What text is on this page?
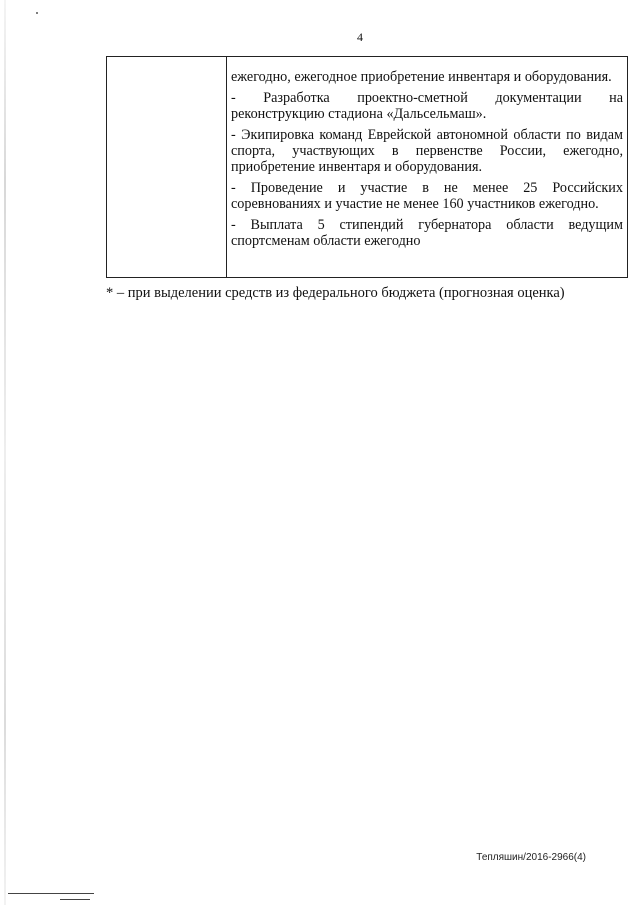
4

ежегодно, ежегодное приобретение инвентаря и оборудования.

- Разработка проектно-сметной документации на реконструкцию стадиона «Дальсельмаш».

- Экипировка команд Еврейской автономной области по видам спорта, участвующих в первенстве России, ежегодно, приобретение инвентаря и оборудования.

- Проведение и участие в не менее 25 Российских соревнованиях и участие не менее 160 участников ежегодно.

- Выплата 5 стипендий губернатора области ведущим спортсменам области ежегодно

* – при выделении средств из федерального бюджета (прогнозная оценка)
Тепляшин/2016-2966(4)
